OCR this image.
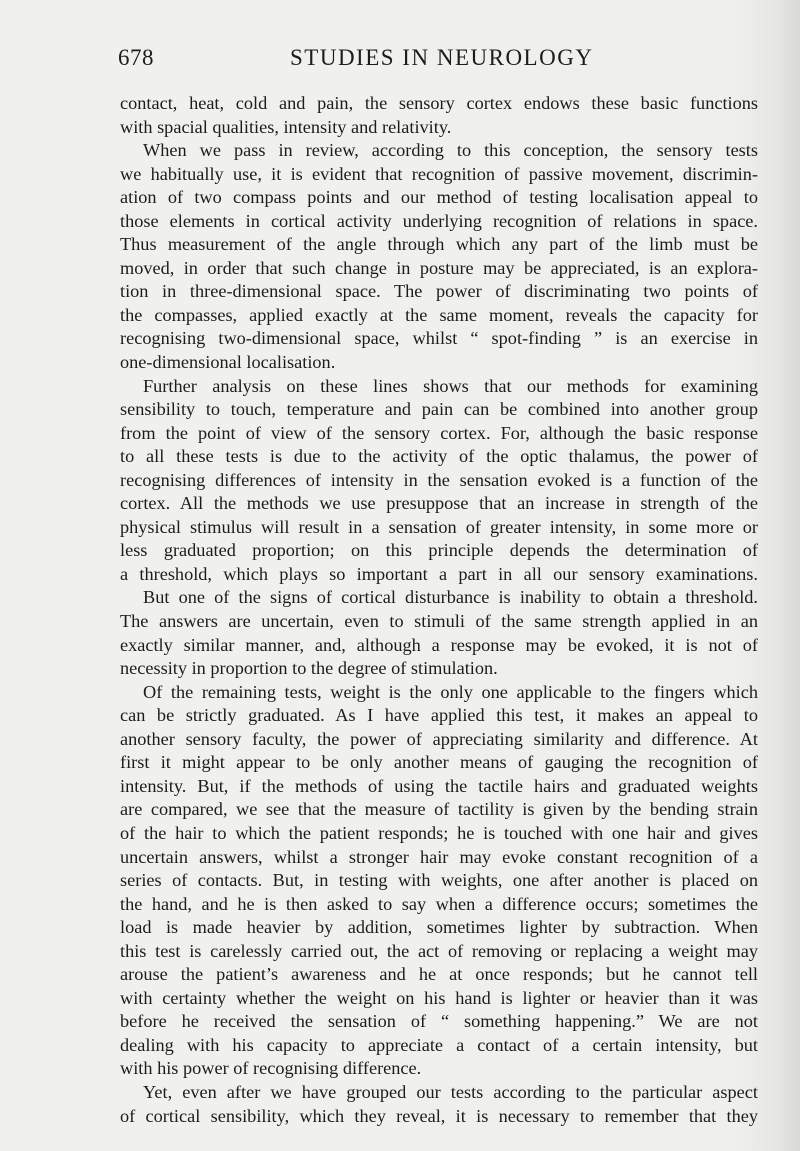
678	STUDIES IN NEUROLOGY
contact, heat, cold and pain, the sensory cortex endows these basic functions
with spacial qualities, intensity and relativity.
When we pass in review, according to this conception, the sensory tests
we habitually use, it is evident that recognition of passive movement, discrimin-
ation of two compass points and our method of testing localisation appeal to
those elements in cortical activity underlying recognition of relations in space.
Thus measurement of the angle through which any part of the limb must be
moved, in order that such change in posture may be appreciated, is an explora-
tion in three-dimensional space. The power of discriminating two points of
the compasses, applied exactly at the same moment, reveals the capacity for
recognising two-dimensional space, whilst “ spot-finding ” is an exercise in
one-dimensional localisation.
Further analysis on these lines shows that our methods for examining
sensibility to touch, temperature and pain can be combined into another group
from the point of view of the sensory cortex. For, although the basic response
to all these tests is due to the activity of the optic thalamus, the power of
recognising differences of intensity in the sensation evoked is a function of the
cortex. All the methods we use presuppose that an increase in strength of the
physical stimulus will result in a sensation of greater intensity, in some more or
less graduated proportion; on this principle depends the determination of
a threshold, which plays so important a part in all our sensory examinations.
But one of the signs of cortical disturbance is inability to obtain a threshold.
The answers are uncertain, even to stimuli of the same strength applied in an
exactly similar manner, and, although a response may be evoked, it is not of
necessity in proportion to the degree of stimulation.
Of the remaining tests, weight is the only one applicable to the fingers which
can be strictly graduated. As I have applied this test, it makes an appeal to
another sensory faculty, the power of appreciating similarity and difference. At
first it might appear to be only another means of gauging the recognition of
intensity. But, if the methods of using the tactile hairs and graduated weights
are compared, we see that the measure of tactility is given by the bending strain
of the hair to which the patient responds; he is touched with one hair and gives
uncertain answers, whilst a stronger hair may evoke constant recognition of a
series of contacts. But, in testing with weights, one after another is placed on
the hand, and he is then asked to say when a difference occurs; sometimes the
load is made heavier by addition, sometimes lighter by subtraction. When
this test is carelessly carried out, the act of removing or replacing a weight may
arouse the patient’s awareness and he at once responds; but he cannot tell
with certainty whether the weight on his hand is lighter or heavier than it was
before he received the sensation of “ something happening.” We are not
dealing with his capacity to appreciate a contact of a certain intensity, but
with his power of recognising difference.
Yet, even after we have grouped our tests according to the particular aspect
of cortical sensibility, which they reveal, it is necessary to remember that they
